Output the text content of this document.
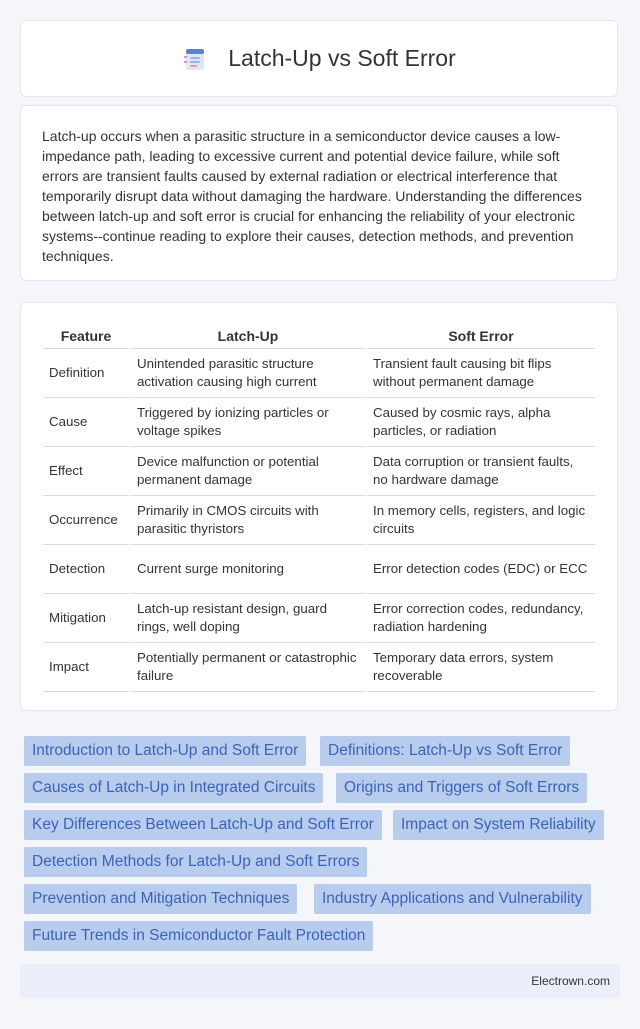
Latch-Up vs Soft Error

Latch-up occurs when a parasitic structure in a semiconductor device causes a low-impedance path, leading to excessive current and potential device failure, while soft errors are transient faults caused by external radiation or electrical interference that temporarily disrupt data without damaging the hardware. Understanding the differences between latch-up and soft error is crucial for enhancing the reliability of your electronic systems--continue reading to explore their causes, detection methods, and prevention techniques.

Feature	Latch-Up	Soft Error
Definition	Unintended parasitic structure activation causing high current	Transient fault causing bit flips without permanent damage
Cause	Triggered by ionizing particles or voltage spikes	Caused by cosmic rays, alpha particles, or radiation
Effect	Device malfunction or potential permanent damage	Data corruption or transient faults, no hardware damage
Occurrence	Primarily in CMOS circuits with parasitic thyristors	In memory cells, registers, and logic circuits
Detection	Current surge monitoring	Error detection codes (EDC) or ECC
Mitigation	Latch-up resistant design, guard rings, well doping	Error correction codes, redundancy, radiation hardening
Impact	Potentially permanent or catastrophic failure	Temporary data errors, system recoverable
Introduction to Latch-Up and Soft Error	Definitions: Latch-Up vs Soft Error
Causes of Latch-Up in Integrated Circuits	Origins and Triggers of Soft Errors
Key Differences Between Latch-Up and Soft Error	Impact on System Reliability
Detection Methods for Latch-Up and Soft Errors
Prevention and Mitigation Techniques	Industry Applications and Vulnerability
Future Trends in Semiconductor Fault Protection
Electrown.com
